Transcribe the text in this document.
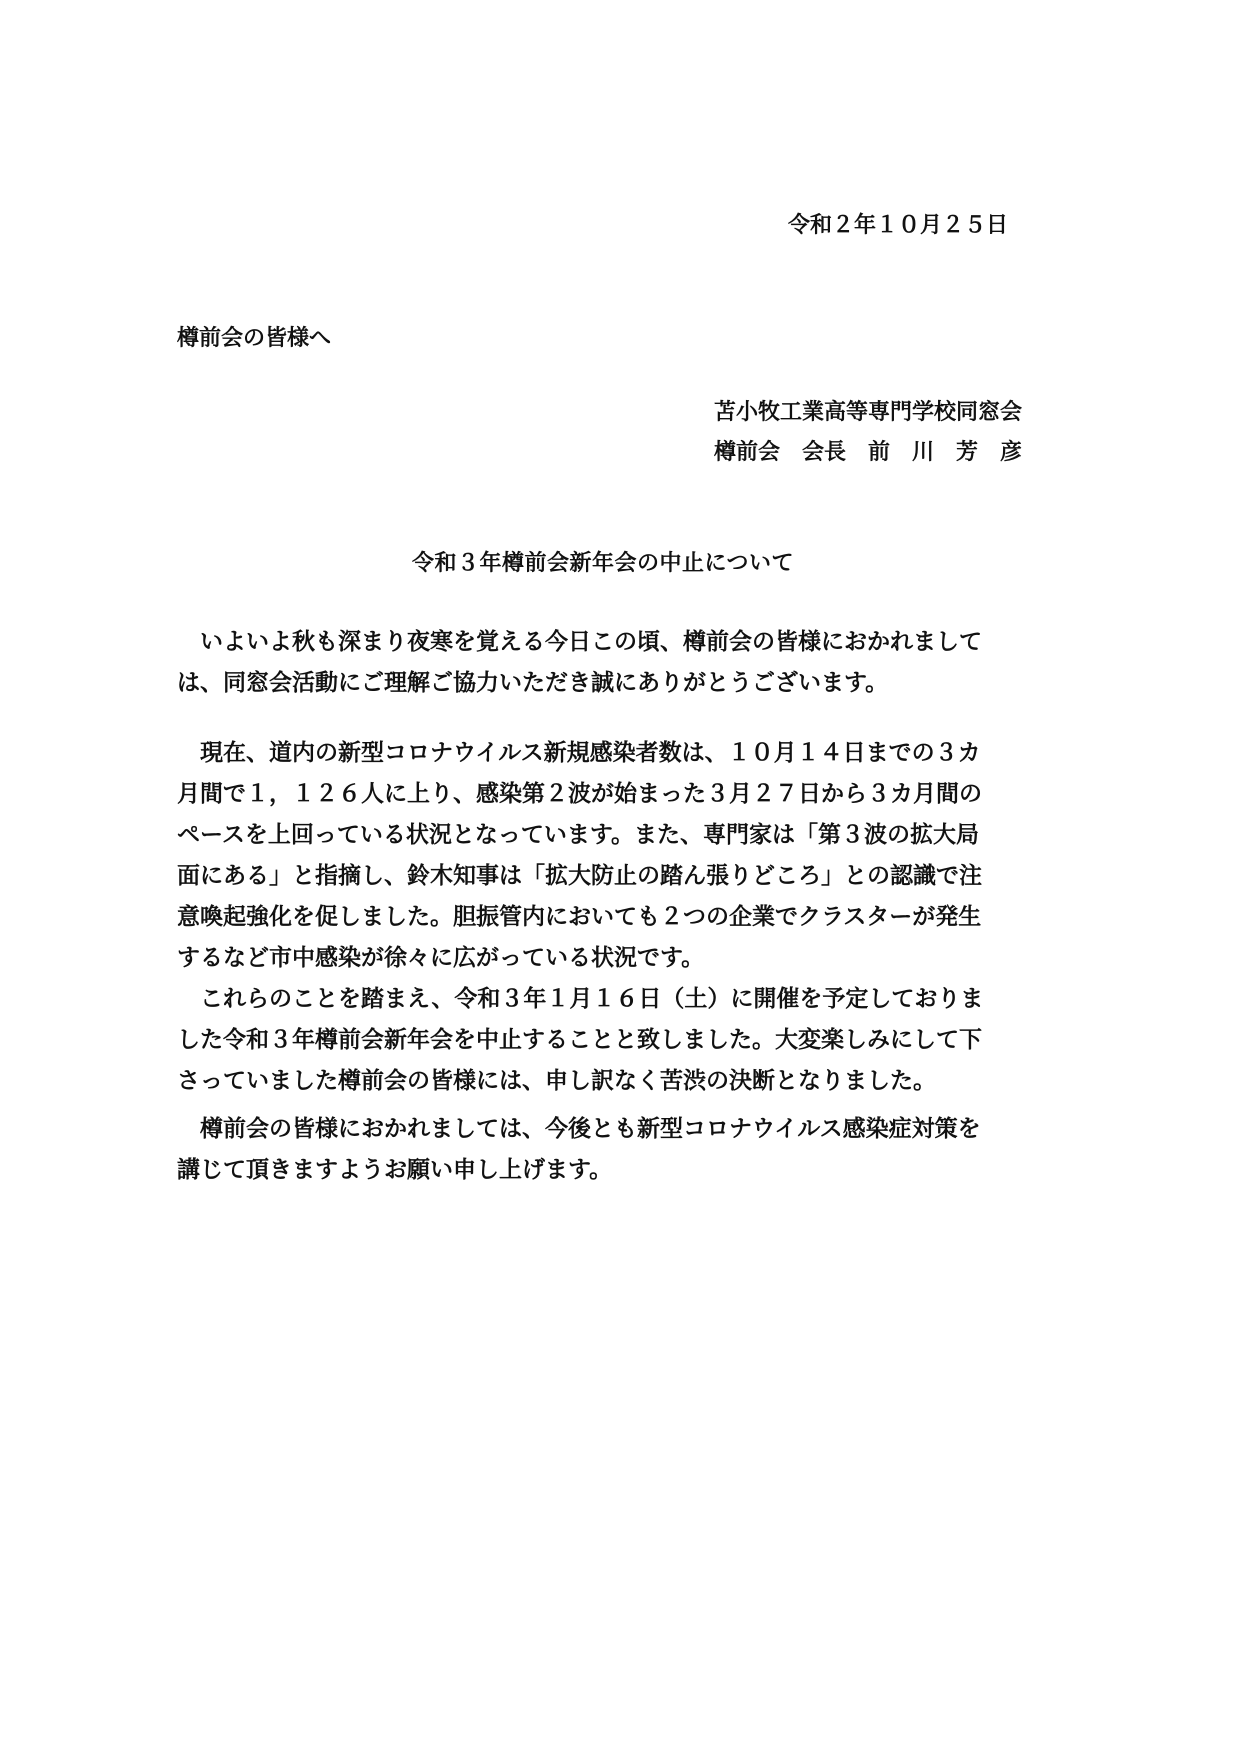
令和２年１０月２５日
樽前会の皆様へ
苫小牧工業高等専門学校同窓会
樽前会　会長　前　川　芳　彦
令和３年樽前会新年会の中止について
　いよいよ秋も深まり夜寒を覚える今日この頃、樽前会の皆様におかれまして
は、同窓会活動にご理解ご協力いただき誠にありがとうございます。
　現在、道内の新型コロナウイルス新規感染者数は、１０月１４日までの３カ
月間で１，１２６人に上り、感染第２波が始まった３月２７日から３カ月間の
ペースを上回っている状況となっています。また、専門家は「第３波の拡大局
面にある」と指摘し、鈴木知事は「拡大防止の踏ん張りどころ」との認識で注
意喚起強化を促しました。胆振管内においても２つの企業でクラスターが発生
するなど市中感染が徐々に広がっている状況です。
　これらのことを踏まえ、令和３年１月１６日（土）に開催を予定しておりま
した令和３年樽前会新年会を中止することと致しました。大変楽しみにして下
さっていました樽前会の皆様には、申し訳なく苦渋の決断となりました。
　樽前会の皆様におかれましては、今後とも新型コロナウイルス感染症対策を
講じて頂きますようお願い申し上げます。
